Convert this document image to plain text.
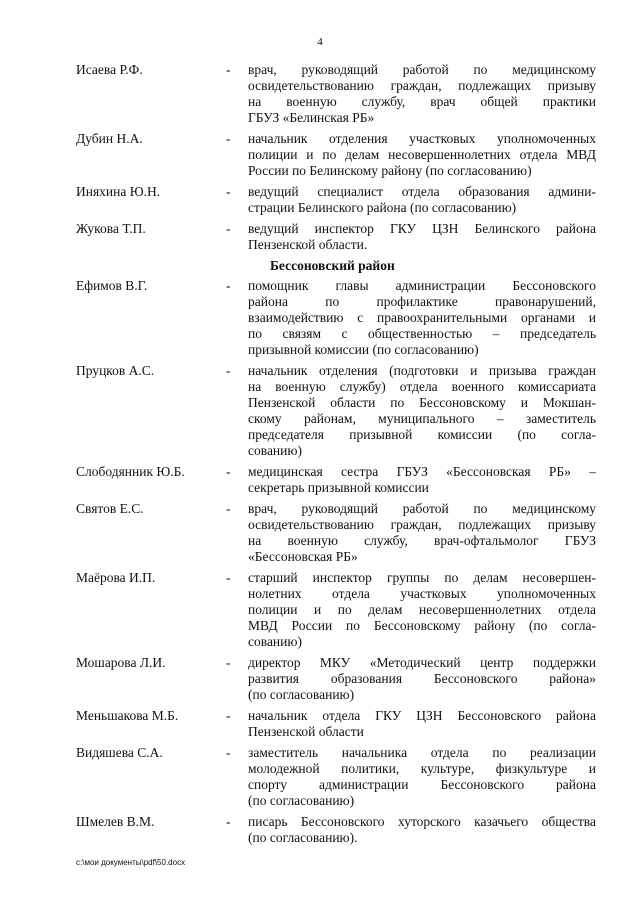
4
Исаева Р.Ф.	-	врач, руководящий работой по медицинскому
освидетельствованию граждан, подлежащих призыву
на военную службу, врач общей практики
ГБУЗ «Белинская РБ»
Дубин Н.А.	-	начальник отделения участковых уполномоченных
полиции и по делам несовершеннолетних отдела МВД
России по Белинскому району (по согласованию)
Иняхина Ю.Н.	-	ведущий специалист отдела образования админи-
страции Белинского района (по согласованию)
Жукова Т.П.	-	ведущий инспектор ГКУ ЦЗН Белинского района
Пензенской области.
Бессоновский район
Ефимов В.Г.	-	помощник главы администрации Бессоновского
района по профилактике правонарушений,
взаимодействию с правоохранительными органами и
по связям с общественностью – председатель
призывной комиссии (по согласованию)
Пруцков А.С.	-	начальник отделения (подготовки и призыва граждан
на военную службу) отдела военного комиссариата
Пензенской области по Бессоновскому и Мокшан-
скому районам, муниципального – заместитель
председателя призывной комиссии (по согла-
сованию)
Слободянник Ю.Б.	-	медицинская сестра ГБУЗ «Бессоновская РБ» –
секретарь призывной комиссии
Святов Е.С.	-	врач, руководящий работой по медицинскому
освидетельствованию граждан, подлежащих призыву
на военную службу, врач-офтальмолог ГБУЗ
«Бессоновская РБ»
Маёрова И.П.	-	старший инспектор группы по делам несовершен-
нолетних отдела участковых уполномоченных
полиции и по делам несовершеннолетних отдела
МВД России по Бессоновскому району (по согла-
сованию)
Мошарова Л.И.	-	директор МКУ «Методический центр поддержки
развития образования Бессоновского района»
(по согласованию)
Меньшакова М.Б.	-	начальник отдела ГКУ ЦЗН Бессоновского района
Пензенской области
Видяшева С.А.	-	заместитель начальника отдела по реализации
молодежной политики, культуре, физкультуре и
спорту администрации Бессоновского района
(по согласованию)
Шмелев В.М.	-	писарь Бессоновского хуторского казачьего общества
(по согласованию).
c:\мои документы\pdf\50.docx
